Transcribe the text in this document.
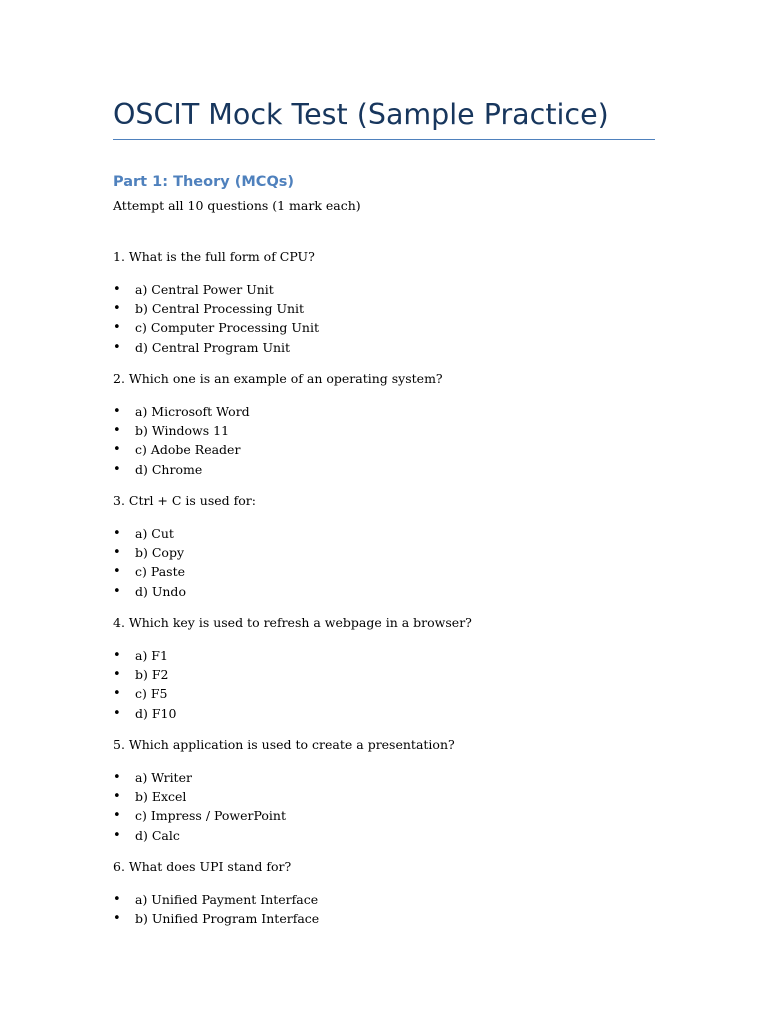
OSCIT Mock Test (Sample Practice)
Part 1: Theory (MCQs)

Attempt all 10 questions (1 mark each)

1. What is the full form of CPU?

•	a) Central Power Unit
•	b) Central Processing Unit
•	c) Computer Processing Unit
•	d) Central Program Unit

2. Which one is an example of an operating system?

•	a) Microsoft Word
•	b) Windows 11
•	c) Adobe Reader
•	d) Chrome

3. Ctrl + C is used for:

•	a) Cut
•	b) Copy
•	c) Paste
•	d) Undo

4. Which key is used to refresh a webpage in a browser?

•	a) F1
•	b) F2
•	c) F5
•	d) F10

5. Which application is used to create a presentation?

•	a) Writer
•	b) Excel
•	c) Impress / PowerPoint
•	d) Calc

6. What does UPI stand for?

•	a) Unified Payment Interface
•	b) Unified Program Interface
